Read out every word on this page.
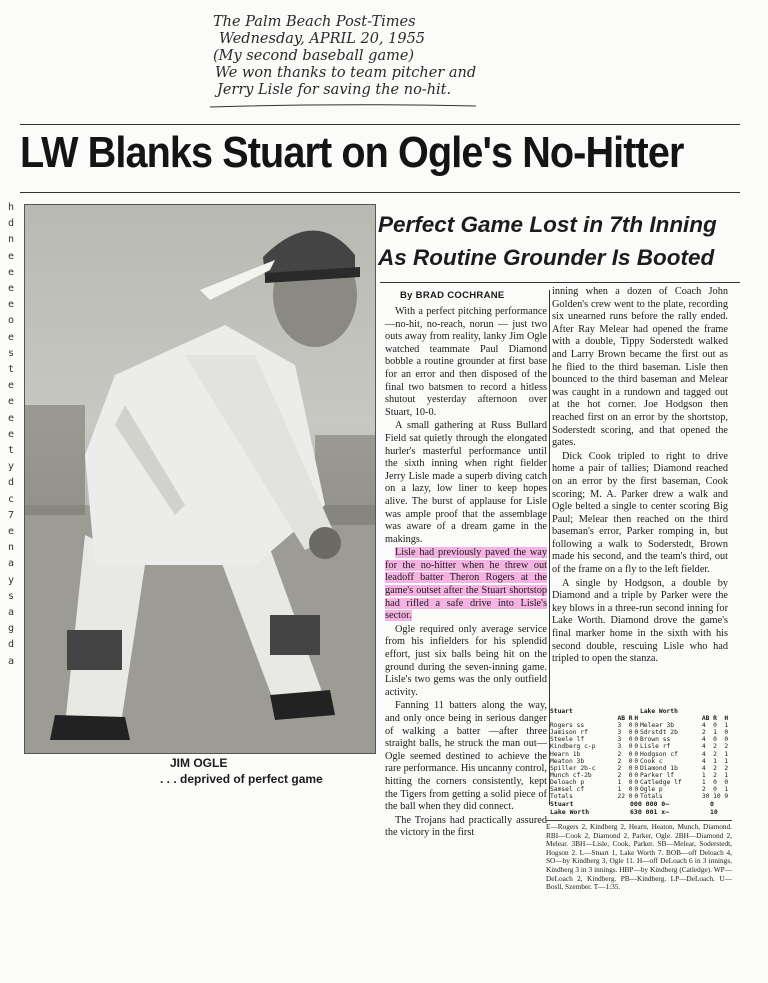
The Palm Beach Post-Times
Wednesday, APRIL 20, 1955
(My second baseball game)
We won thanks to team pitcher and
Jerry Lisle for saving the no-hit.
LW Blanks Stuart on Ogle's No-Hitter
h
d
n
e
e
e
e
o
e
s
t
e
e
e
e
t
y
d
c
7
e
n
a
y
s
a
g
d
a
JIM OGLE
. . . deprived of perfect game
Perfect Game Lost in 7th Inning
As Routine Grounder Is Booted
By BRAD COCHRANE

With a perfect pitching performance—no-hit, no-reach, norun — just two outs away from reality, lanky Jim Ogle watched teammate Paul Diamond bobble a routine grounder at first base for an error and then disposed of the final two batsmen to record a hitless shutout yesterday afternoon over Stuart, 10-0.

A small gathering at Russ Bullard Field sat quietly through the elongated hurler's masterful performance until the sixth inning when right fielder Jerry Lisle made a superb diving catch on a lazy, low liner to keep hopes alive. The burst of applause for Lisle was ample proof that the assemblage was aware of a dream game in the makings.

Lisle had previously paved the way for the no-hitter when he threw out leadoff batter Theron Rogers at the game's outset after the Stuart shortstop had rifled a safe drive into Lisle's sector.

Ogle required only average service from his infielders for his splendid effort, just six balls being hit on the ground during the seven-inning game. Lisle's two gems was the only outfield activity.

Fanning 11 batters along the way, and only once being in serious danger of walking a batter —after three straight balls, he struck the man out—Ogle seemed destined to achieve the rare performance. His uncanny control, hitting the corners consistently, kept the Tigers from getting a solid piece of the ball when they did connect.

The Trojans had practically assured the victory in the first

inning when a dozen of Coach John Golden's crew went to the plate, recording six unearned runs before the rally ended. After Ray Melear had opened the frame with a double, Tippy Soderstedt walked and Larry Brown became the first out as he flied to the third baseman. Lisle then bounced to the third baseman and Melear was caught in a rundown and tagged out at the hot corner. Joe Hodgson then reached first on an error by the shortstop, Soderstedt scoring, and that opened the gates.

Dick Cook tripled to right to drive home a pair of tallies; Diamond reached on an error by the first baseman, Cook scoring; M. A. Parker drew a walk and Ogle belted a single to center scoring Big Paul; Melear then reached on the third baseman's error, Parker romping in, but following a walk to Soderstedt, Brown made his second, and the team's third, out of the frame on a fly to the left fielder.

A single by Hodgson, a double by Diamond and a triple by Parker were the key blows in a three-run second inning for Lake Worth. Diamond drove the game's final marker home in the sixth with his second double, rescuing Lisle who had tripled to open the stanza.

Stuart				Lake Worth			
	AB	R	H		AB	R	H
Rogers ss	3	0	0	Melear 3b	4	0	1
Jamison rf	3	0	0	Sdrstdt 2b	2	1	0
Steele lf	3	0	0	Brown ss	4	0	0
Kindberg c-p	3	0	0	Lisle rf	4	2	2
Hearn 1b	2	0	0	Hodgson cf	4	2	1
Meaton 3b	2	0	0	Cook c	4	1	1
Spiller 2b-c	2	0	0	Diamond 1b	4	2	2
Munch cf-2b	2	0	0	Parker lf	1	2	1
Deloach p	1	0	0	Catledge lf	1	0	0
Samsel cf	1	0	0	Ogle p	2	0	1
Totals	22	0	0	Totals	30	10	9
Stuart	000 000 0—	0
Lake Worth	630 001 x—	10
E—Rogers 2, Kindberg 2, Hearn, Heaton, Munch, Diamond. RBI—Cook 2, Diamond 2, Parker, Ogle. 2BH—Diamond 2, Melear. 3BH—Lisle, Cook, Parker. SB—Melear, Soderstedt, Hogson 2. L—Stuart 1, Lake Worth 7. BOB—off Deloach 4, SO—by Kindberg 3, Ogle 11. H—off DeLoach 6 in 3 innings, Kindberg 3 in 3 innings. HBP—by Kindberg (Catledge). WP—DeLoach 2, Kindberg. PB—Kindberg. LP—DeLoach. U—Bosll, Szember. T—1:35.
